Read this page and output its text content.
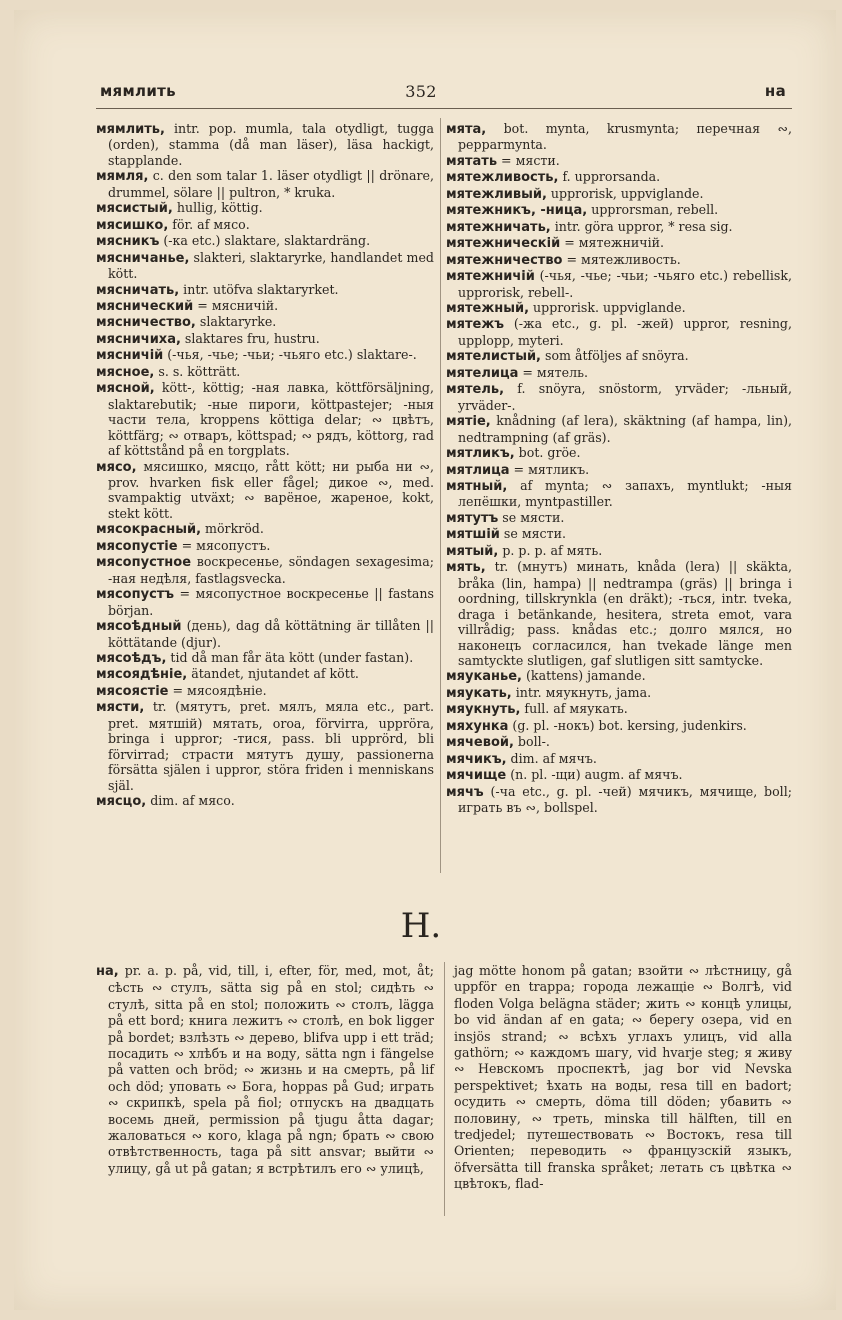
мямлить	352	на
мямлить, intr. pop. mumla, tala otydligt, tugga (orden), stamma (då man läser), läsa hackigt, stapplande.
мямля, c. den som talar 1. läser otydligt || drönare, drummel, sölare || pultron, * kruka.
мясистый, hullig, köttig.
мясишко, för. af мясо.
мясникъ (-ка etc.) slaktare, slaktardräng.
мясничанье, slakteri, slaktaryrke, handlandet med kött.
мясничать, intr. utöfva slaktaryrket.
мяснический = мясничій.
мясничество, slaktaryrke.
мясничиха, slaktares fru, hustru.
мясничій (-чья, -чье; -чьи; -чьяго etc.) slaktare-.
мясное, s. s. kötträtt.
мясной, kött-, köttig; -ная лавка, köttförsäljning, slaktarebutik; -ные пироги, köttpastejer; -ныя части тела, kroppens köttiga delar; ∾ цвѣтъ, köttfärg; ∾ отваръ, köttspad; ∾ рядъ, köttorg, rad af köttstånd på en torgplats.
мясо, мясишко, мясцо, rått kött; ни рыба ни ∾, prov. hvarken fisk eller fågel; дикое ∾, med. svampaktig utväxt; ∾ варёное, жареное, kokt, stekt kött.
мясокрасный, mörkröd.
мясопустіе = мясопустъ.
мясопустное воскресенье, söndagen sexagesima; -ная недѣля, fastlagsvecka.
мясопустъ = мясопустное воскресенье || fastans början.
мясоѣдный (день), dag då köttätning är tillåten || köttätande (djur).
мясоѣдъ, tid då man får äta kött (under fastan).
мясоядѣніе, ätandet, njutandet af kött.
мясоястіе = мясоядѣніе.
мясти, tr. (мятутъ, pret. мялъ, мяла etc., part. pret. мятшій) мятать, oroa, förvirra, uppröra, bringa i uppror; -тися, pass. bli upprörd, bli förvirrad; страсти мятутъ душу, passionerna försätta själen i uppror, störa friden i menniskans själ.
мясцо, dim. af мясо.
мята, bot. mynta, krusmynta; перечная ∾, pepparmynta.
мятать = мясти.
мятежливость, f. upprorsanda.
мятежливый, upprorisk, uppviglande.
мятежникъ, -ница, upprorsman, rebell.
мятежничать, intr. göra uppror, * resa sig.
мятежническій = мятежничій.
мятежничество = мятежливость.
мятежничій (-чья, -чье; -чьи; -чьяго etc.) rebellisk, upprorisk, rebell-.
мятежный, upprorisk. uppviglande.
мятежъ (-жа etc., g. pl. -жей) uppror, resning, upplopp, myteri.
мятелистый, som åtföljes af snöyra.
мятелица = мятель.
мятель, f. snöyra, snöstorm, yrväder; -льный, yrväder-.
мятіе, knådning (af lera), skäktning (af hampa, lin), nedtrampning (af gräs).
мятликъ, bot. gröe.
мятлица = мятликъ.
мятный, af mynta; ∾ запахъ, myntlukt; -ныя лепёшки, myntpastiller.
мятутъ se мясти.
мятшій se мясти.
мятый, p. p. p. af мять.
мять, tr. (мнутъ) минать, knåda (lera) || skäkta, bråka (lin, hampa) || nedtrampa (gräs) || bringa i oordning, tillskrynkla (en dräkt); -ться, intr. tveka, draga i betänkande, hesitera, streta emot, vara villrådig; pass. knådas etc.; долго мялся, но наконецъ согласился, han tvekade länge men samtyckte slutligen, gaf slutligen sitt samtycke.
мяуканье, (kattens) jamande.
мяукать, intr. мяукнуть, jama.
мяукнуть, full. af мяукать.
мяхунка (g. pl. -нокъ) bot. kersing, judenkirs.
мячевой, boll-.
мячикъ, dim. af мячъ.
мячище (n. pl. -щи) augm. af мячъ.
мячъ (-ча etc., g. pl. -чей) мячикъ, мячище, boll; играть въ ∾, bollspel.
Н.
на, pr. a. p. på, vid, till, i, efter, för, med, mot, åt; сѣсть ∾ стулъ, sätta sig på en stol; сидѣть ∾ стулѣ, sitta på en stol; положить ∾ столъ, lägga på ett bord; книга лежитъ ∾ столѣ, en bok ligger på bordet; взлѣзть ∾ дерево, blifva upp i ett träd; посадить ∾ хлѣбъ и на воду, sätta ngn i fängelse på vatten och bröd; ∾ жизнь и на смерть, på lif och död; уповать ∾ Бога, hoppas på Gud; играть ∾ скрипкѣ, spela på fiol; отпускъ на двадцать восемь дней, permission på tjugu åtta dagar; жаловаться ∾ кого, klaga på ngn; брать ∾ свою отвѣтственность, taga på sitt ansvar; выйти ∾ улицу, gå ut på gatan; я встрѣтилъ его ∾ улицѣ,
jag mötte honom på gatan; взойти ∾ лѣстницу, gå uppför en trappa; города лежащіе ∾ Волгѣ, vid floden Volga belägna städer; жить ∾ концѣ улицы, bo vid ändan af en gata; ∾ берегу озера, vid en insjös strand; ∾ всѣхъ углахъ улицъ, vid alla gathörn; ∾ каждомъ шагу, vid hvarje steg; я живу ∾ Невскомъ проспектѣ, jag bor vid Nevska perspektivet; ѣхать на воды, resa till en badort; осудить ∾ смерть, döma till döden; убавить ∾ половину, ∾ треть, minska till hälften, till en tredjedel; путешествовать ∾ Востокъ, resa till Orienten; переводить ∾ французскій языкъ, öfversätta till franska språket; летать съ цвѣтка ∾ цвѣтокъ, flad-
